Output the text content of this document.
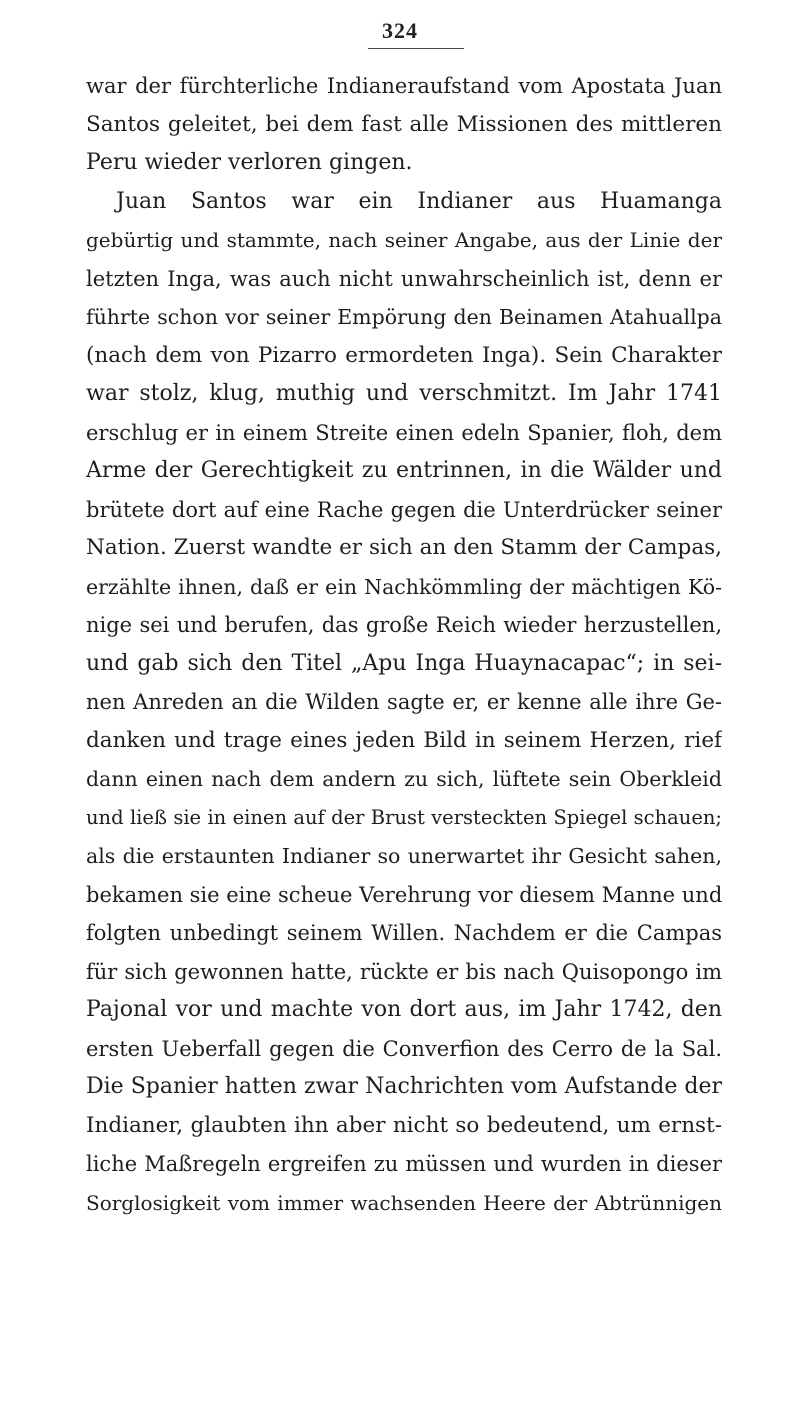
324
war der fürchterliche Indianeraufstand vom Apostata Juan
Santos geleitet, bei dem fast alle Missionen des mittleren
Peru wieder verloren gingen.
Juan Santos war ein Indianer aus Huamanga
gebürtig und stammte, nach seiner Angabe, aus der Linie der
letzten Inga, was auch nicht unwahrscheinlich ist, denn er
führte schon vor seiner Empörung den Beinamen Atahuallpa
(nach dem von Pizarro ermordeten Inga). Sein Charakter
war stolz, klug, muthig und verschmitzt. Im Jahr 1741
erschlug er in einem Streite einen edeln Spanier, floh, dem
Arme der Gerechtigkeit zu entrinnen, in die Wälder und
brütete dort auf eine Rache gegen die Unterdrücker seiner
Nation. Zuerst wandte er sich an den Stamm der Campas,
erzählte ihnen, daß er ein Nachkömmling der mächtigen Kö-
nige sei und berufen, das große Reich wieder herzustellen,
und gab sich den Titel „Apu Inga Huaynacapac“; in sei-
nen Anreden an die Wilden sagte er, er kenne alle ihre Ge-
danken und trage eines jeden Bild in seinem Herzen, rief
dann einen nach dem andern zu sich, lüftete sein Oberkleid
und ließ sie in einen auf der Brust versteckten Spiegel schauen;
als die erstaunten Indianer so unerwartet ihr Gesicht sahen,
bekamen sie eine scheue Verehrung vor diesem Manne und
folgten unbedingt seinem Willen. Nachdem er die Campas
für sich gewonnen hatte, rückte er bis nach Quisopongo im
Pajonal vor und machte von dort aus, im Jahr 1742, den
ersten Ueberfall gegen die Converfion des Cerro de la Sal.
Die Spanier hatten zwar Nachrichten vom Aufstande der
Indianer, glaubten ihn aber nicht so bedeutend, um ernst-
liche Maßregeln ergreifen zu müssen und wurden in dieser
Sorglosigkeit vom immer wachsenden Heere der Abtrünnigen
